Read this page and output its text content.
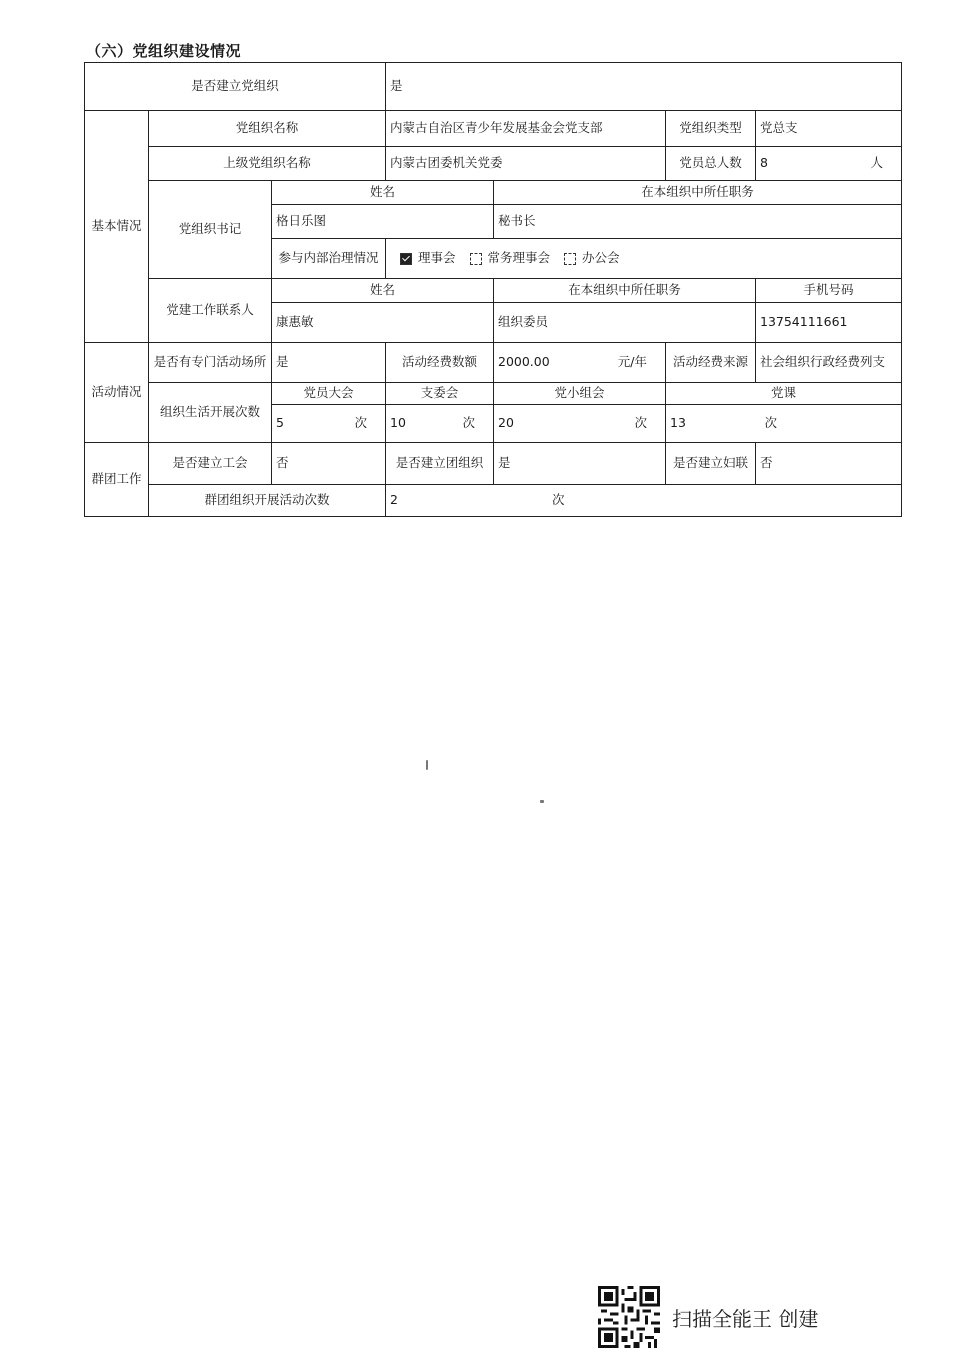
（六）党组织建设情况
是否建立党组织			是			
基本情况	党组织名称		内蒙古自治区青少年发展基金会党支部		党组织类型	党总支
	上级党组织名称		内蒙古团委机关党委		党员总人数	8 人

	党组织书记	姓名		在本组织中所任职务		
		格日乐图		秘书长		
		参与内部治理情况	理事会 常务理事会 办公会			
	党建工作联系人	姓名		在本组织中所任职务		手机号码
		康惠敏		组织委员		13754111661
活动情况	是否有专门活动场所	是	活动经费数额	2000.00 元/年	活动经费来源	社会组织行政经费列支
	组织生活开展次数	党员大会	支委会	党小组会	党课	
		5 次	10 次	20 次	13 次	

群团工作	是否建立工会	否	是否建立团组织	是	是否建立妇联	否
	群团组织开展活动次数		2 次			
扫描全能王 创建
